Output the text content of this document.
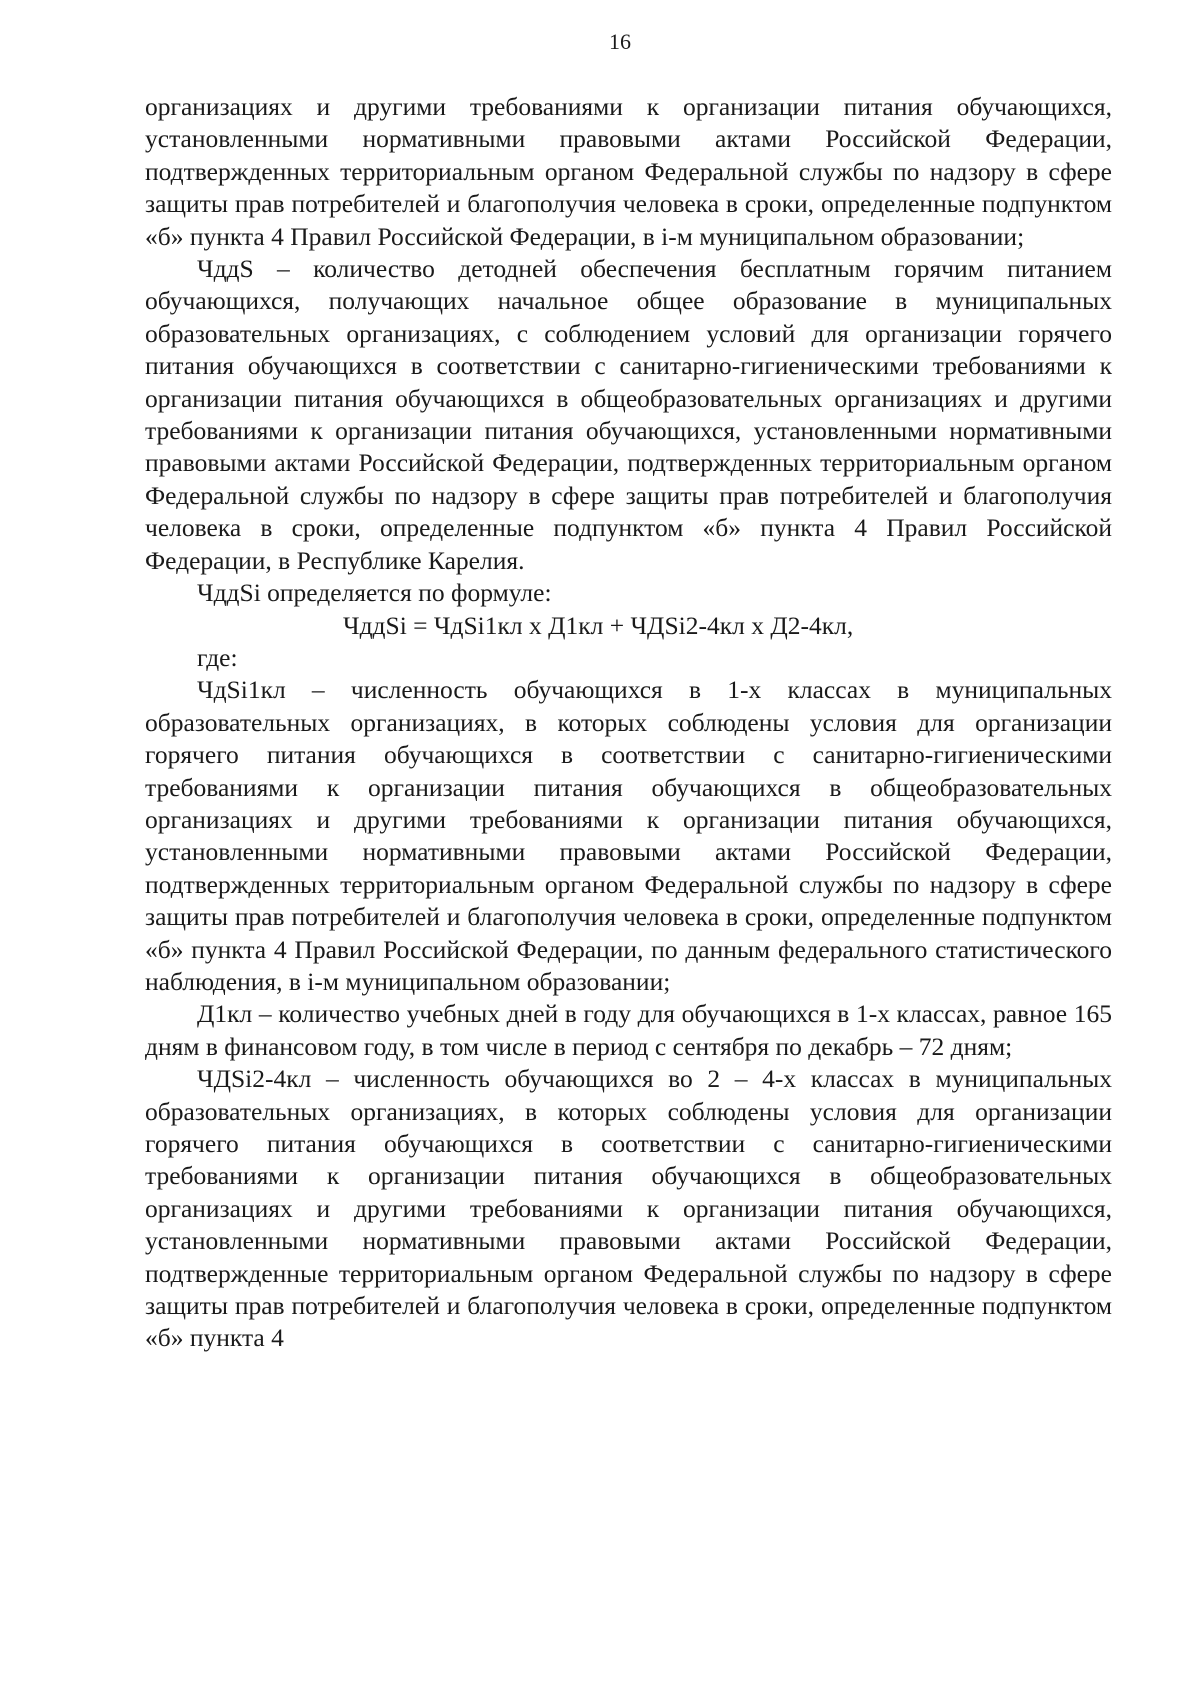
16

организациях и другими требованиями к организации питания обучающихся, установленными нормативными правовыми актами Российской Федерации, подтвержденных территориальным органом Федеральной службы по надзору в сфере защиты прав потребителей и благополучия человека в сроки, определенные подпунктом «б» пункта 4 Правил Российской Федерации, в i-м муниципальном образовании;

ЧддS – количество детодней обеспечения бесплатным горячим питанием обучающихся, получающих начальное общее образование в муниципальных образовательных организациях, с соблюдением условий для организации горячего питания обучающихся в соответствии с санитарно-гигиеническими требованиями к организации питания обучающихся в общеобразовательных организациях и другими требованиями к организации питания обучающихся, установленными нормативными правовыми актами Российской Федерации, подтвержденных территориальным органом Федеральной службы по надзору в сфере защиты прав потребителей и благополучия человека в сроки, определенные подпунктом «б» пункта 4 Правил Российской Федерации, в Республике Карелия.

ЧддSi определяется по формуле:

ЧддSi = ЧдSi1кл x Д1кл + ЧДSi2-4кл x Д2-4кл,

где:

ЧдSi1кл – численность обучающихся в 1-х классах в муниципальных образовательных организациях, в которых соблюдены условия для организации горячего питания обучающихся в соответствии с санитарно-гигиеническими требованиями к организации питания обучающихся в общеобразовательных организациях и другими требованиями к организации питания обучающихся, установленными нормативными правовыми актами Российской Федерации, подтвержденных территориальным органом Федеральной службы по надзору в сфере защиты прав потребителей и благополучия человека в сроки, определенные подпунктом «б» пункта 4 Правил Российской Федерации, по данным федерального статистического наблюдения, в i-м муниципальном образовании;

Д1кл – количество учебных дней в году для обучающихся в 1-х классах, равное 165 дням в финансовом году, в том числе в период с сентября по декабрь – 72 дням;

ЧДSi2-4кл – численность обучающихся во 2 – 4-х классах в муниципальных образовательных организациях, в которых соблюдены условия для организации горячего питания обучающихся в соответствии с санитарно-гигиеническими требованиями к организации питания обучающихся в общеобразовательных организациях и другими требованиями к организации питания обучающихся, установленными нормативными правовыми актами Российской Федерации, подтвержденные территориальным органом Федеральной службы по надзору в сфере защиты прав потребителей и благополучия человека в сроки, определенные подпунктом «б» пункта 4
